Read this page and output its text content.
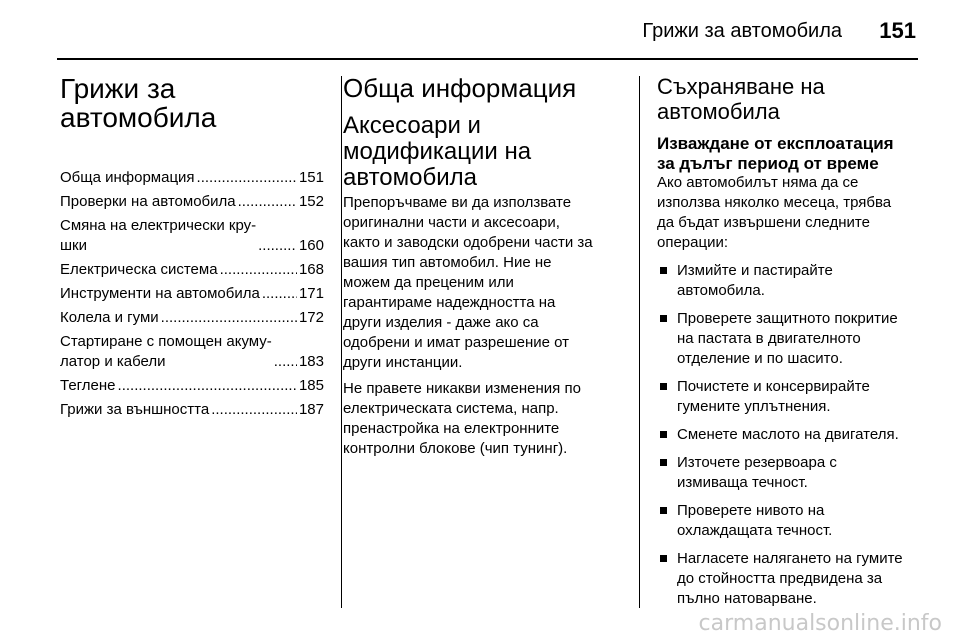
Грижи за автомобила 151
Грижи за
автомобила
Обща информация .....	151
Проверки на автомобила .....	152
Смяна на електрически кру-
шки .....	160
Електрическа система .....	168
Инструменти на автомобила .....	171
Колела и гуми .....	172
Стартиране с помощен акуму-
латор и кабели .....	183
Теглене .....	185
Грижи за външността .....	187
Обща информация
Аксесоари и
модификации на
автомобила

Препоръчваме ви да използвате
оригинални части и аксесоари,
както и заводски одобрени части за
вашия тип автомобил. Ние не
можем да преценим или
гарантираме надеждността на
други изделия - даже ако са
одобрени и имат разрешение от
други инстанции.

Не правете никакви изменения по
електрическата система, напр.
пренастройка на електронните
контролни блокове (чип тунинг).

Съхраняване на
автомобила
Изваждане от експлоатация
за дълъг период от време

Ако автомобилът няма да се
използва няколко месеца, трябва
да бъдат извършени следните
операции:

Измийте и пастирайте
автомобила.
Проверете защитното покритие
на пастата в двигателното
отделение и по шасито.
Почистете и консервирайте
гумените уплътнения.
Сменете маслото на двигателя.
Източете резервоара с
измиваща течност.
Проверете нивото на
охлаждащата течност.
Нагласете налягането на гумите
до стойността предвидена за
пълно натоварване.
carmanualsonline.info
